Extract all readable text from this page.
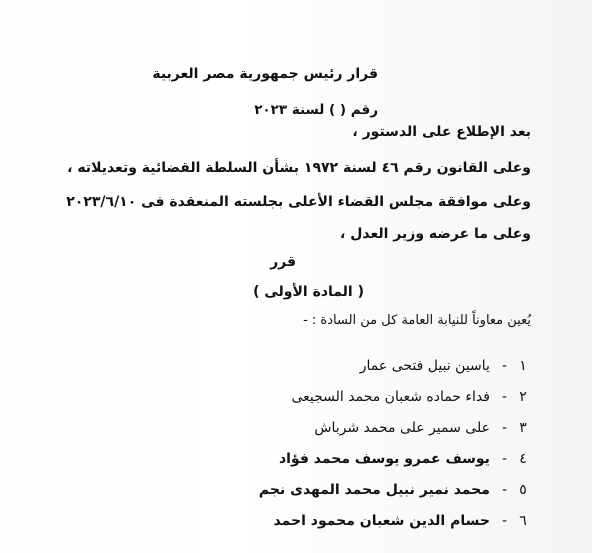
قرار رئيس جمهورية مصر العربية
رقم ( ) لسنة ٢٠٢٣
بعد الإطلاع على الدستور ،
وعلى القانون رقم ٤٦ لسنة ١٩٧٢ بشأن السلطة القضائية وتعديلاته ،
وعلى موافقة مجلس القضاء الأعلى بجلسته المنعقدة فى ٢٠٢٣/٦/١٠
وعلى ما عرضه وزير العدل ،
قرر
( المادة الأولى )
يُعين معاوناً للنيابة العامة كل من السادة : -
١
-
ياسين نبيل فتحى عمار
٢
-
فداء حماده شعبان محمد السجيعى
٣
-
على سمير على محمد شرباش
٤
-
يوسف عمرو يوسف محمد فؤاد
٥
-
محمد نمير نبيل محمد المهدى نجم
٦
-
حسام الدين شعبان محمود احمد
